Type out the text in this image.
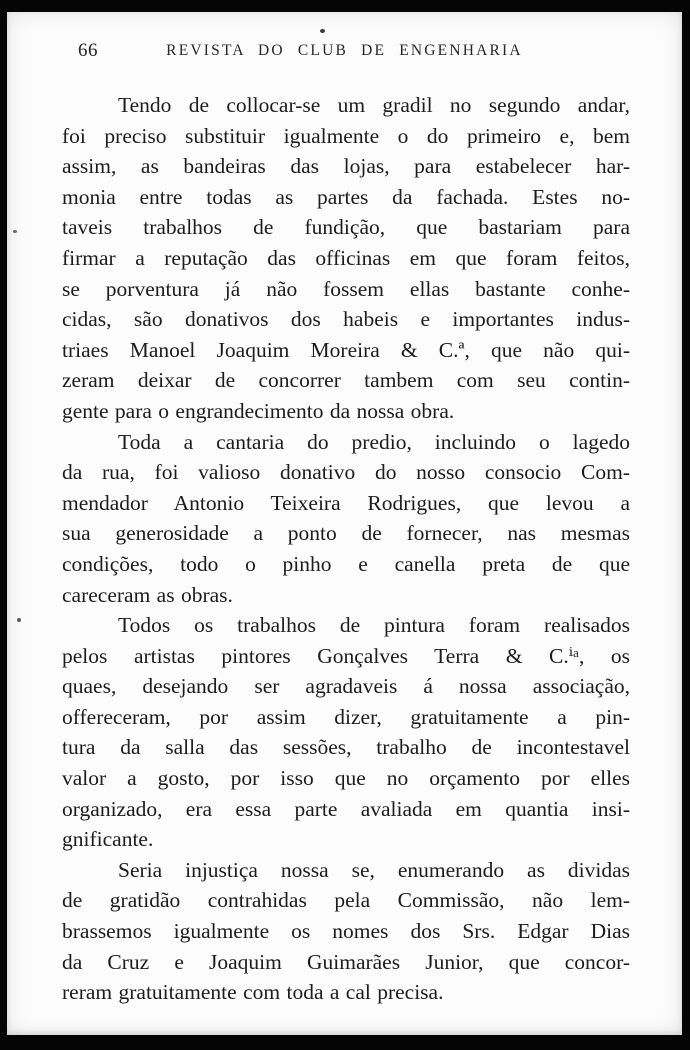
66	REVISTA DO CLUB DE ENGENHARIA
Tendo de collocar-se um gradil no segundo andar,
foi preciso substituir igualmente o do primeiro e, bem
assim, as bandeiras das lojas, para estabelecer har-
monia entre todas as partes da fachada. Estes no-
taveis trabalhos de fundição, que bastariam para
firmar a reputação das officinas em que foram feitos,
se porventura já não fossem ellas bastante conhe-
cidas, são donativos dos habeis e importantes indus-
triaes Manoel Joaquim Moreira & C.ª, que não qui-
zeram deixar de concorrer tambem com seu contin-
gente para o engrandecimento da nossa obra.
Toda a cantaria do predio, incluindo o lagedo
da rua, foi valioso donativo do nosso consocio Com-
mendador Antonio Teixeira Rodrigues, que levou a
sua generosidade a ponto de fornecer, nas mesmas
condições, todo o pinho e canella preta de que
careceram as obras.
Todos os trabalhos de pintura foram realisados
pelos artistas pintores Gonçalves Terra & C.ⁱᵃ, os
quaes, desejando ser agradaveis á nossa associação,
offereceram, por assim dizer, gratuitamente a pin-
tura da salla das sessões, trabalho de incontestavel
valor a gosto, por isso que no orçamento por elles
organizado, era essa parte avaliada em quantia insi-
gnificante.
Seria injustiça nossa se, enumerando as dividas
de gratidão contrahidas pela Commissão, não lem-
brassemos igualmente os nomes dos Srs. Edgar Dias
da Cruz e Joaquim Guimarães Junior, que concor-
reram gratuitamente com toda a cal precisa.
